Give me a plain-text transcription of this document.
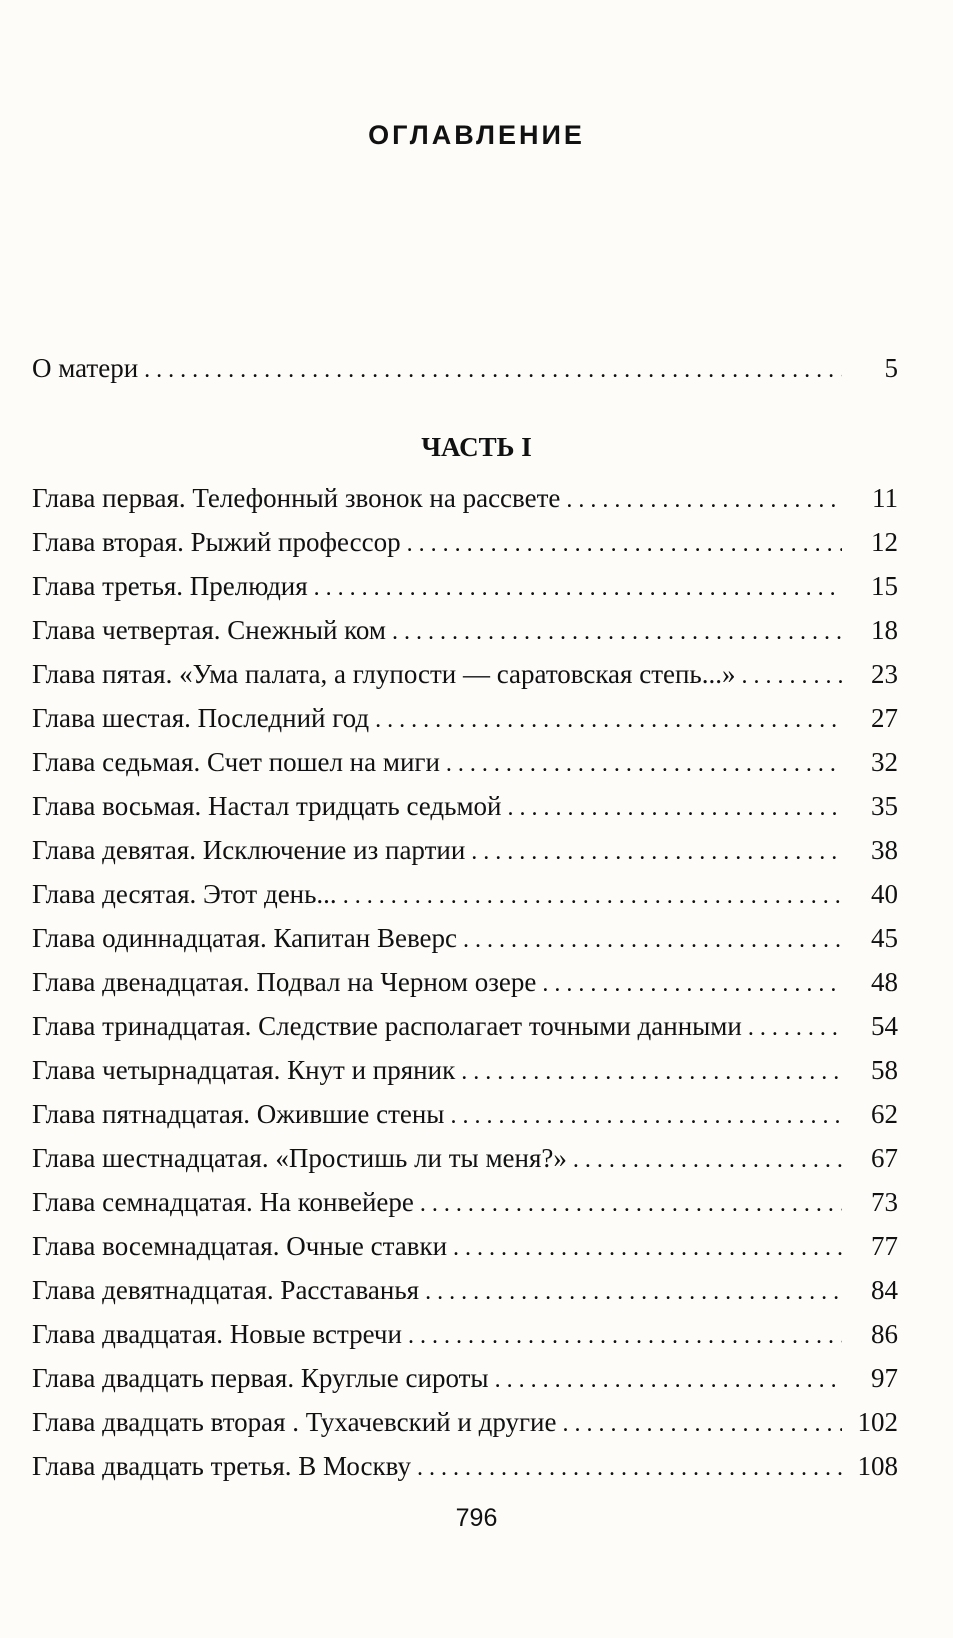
ОГЛАВЛЕНИЕ
О матери . . .	5
ЧАСТЬ I
Глава первая. Телефонный звонок на рассвете . . .	11
Глава вторая. Рыжий профессор . . .	12
Глава третья. Прелюдия . . .	15
Глава четвертая. Снежный ком . . .	18
Глава пятая. «Ума палата, а глупости — саратовская степь...» . . .	23
Глава шестая. Последний год . . .	27
Глава седьмая. Счет пошел на миги . . .	32
Глава восьмая. Настал тридцать седьмой . . .	35
Глава девятая. Исключение из партии . . .	38
Глава десятая. Этот день... . . .	40
Глава одиннадцатая. Капитан Веверс . . .	45
Глава двенадцатая. Подвал на Черном озере . . .	48
Глава тринадцатая. Следствие располагает точными данными . . .	54
Глава четырнадцатая. Кнут и пряник . . .	58
Глава пятнадцатая. Ожившие стены . . .	62
Глава шестнадцатая. «Простишь ли ты меня?» . . .	67
Глава семнадцатая. На конвейере . . .	73
Глава восемнадцатая. Очные ставки . . .	77
Глава девятнадцатая. Расставанья . . .	84
Глава двадцатая. Новые встречи . . .	86
Глава двадцать первая. Круглые сироты . . .	97
Глава двадцать вторая . Тухачевский и другие . . .	102
Глава двадцать третья. В Москву . . .	108
796
